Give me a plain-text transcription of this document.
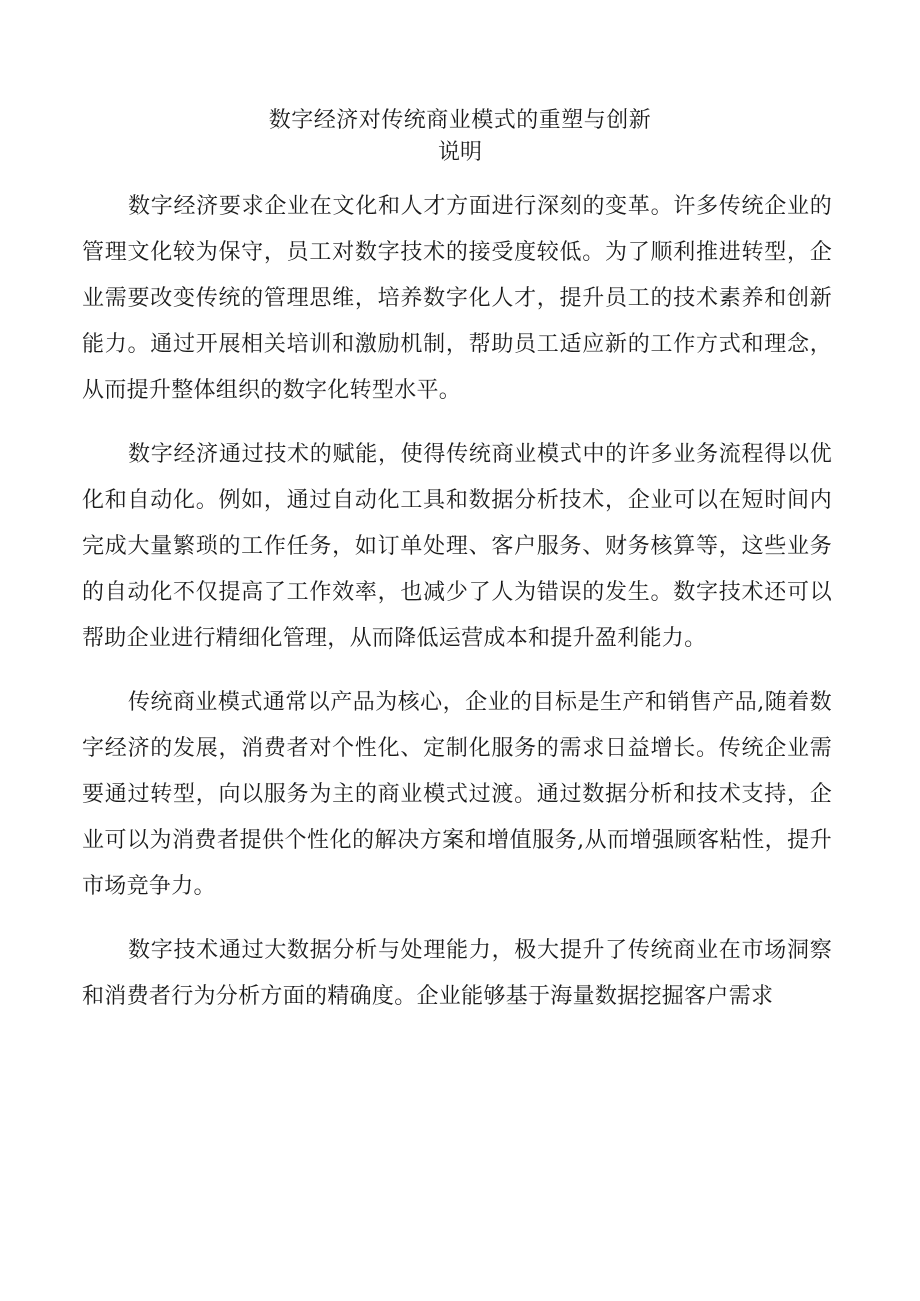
数字经济对传统商业模式的重塑与创新
说明

数字经济要求企业在文化和人才方面进行深刻的变革。许多传统企业的管理文化较为保守，员工对数字技术的接受度较低。为了顺利推进转型，企业需要改变传统的管理思维，培养数字化人才，提升员工的技术素养和创新能力。通过开展相关培训和激励机制，帮助员工适应新的工作方式和理念，从而提升整体组织的数字化转型水平。

数字经济通过技术的赋能，使得传统商业模式中的许多业务流程得以优化和自动化。例如，通过自动化工具和数据分析技术，企业可以在短时间内完成大量繁琐的工作任务，如订单处理、客户服务、财务核算等，这些业务的自动化不仅提高了工作效率，也减少了人为错误的发生。数字技术还可以帮助企业进行精细化管理，从而降低运营成本和提升盈利能力。

传统商业模式通常以产品为核心，企业的目标是生产和销售产品,随着数字经济的发展，消费者对个性化、定制化服务的需求日益增长。传统企业需要通过转型，向以服务为主的商业模式过渡。通过数据分析和技术支持，企业可以为消费者提供个性化的解决方案和增值服务,从而增强顾客粘性，提升市场竞争力。

数字技术通过大数据分析与处理能力，极大提升了传统商业在市场洞察和消费者行为分析方面的精确度。企业能够基于海量数据挖掘客户需求
